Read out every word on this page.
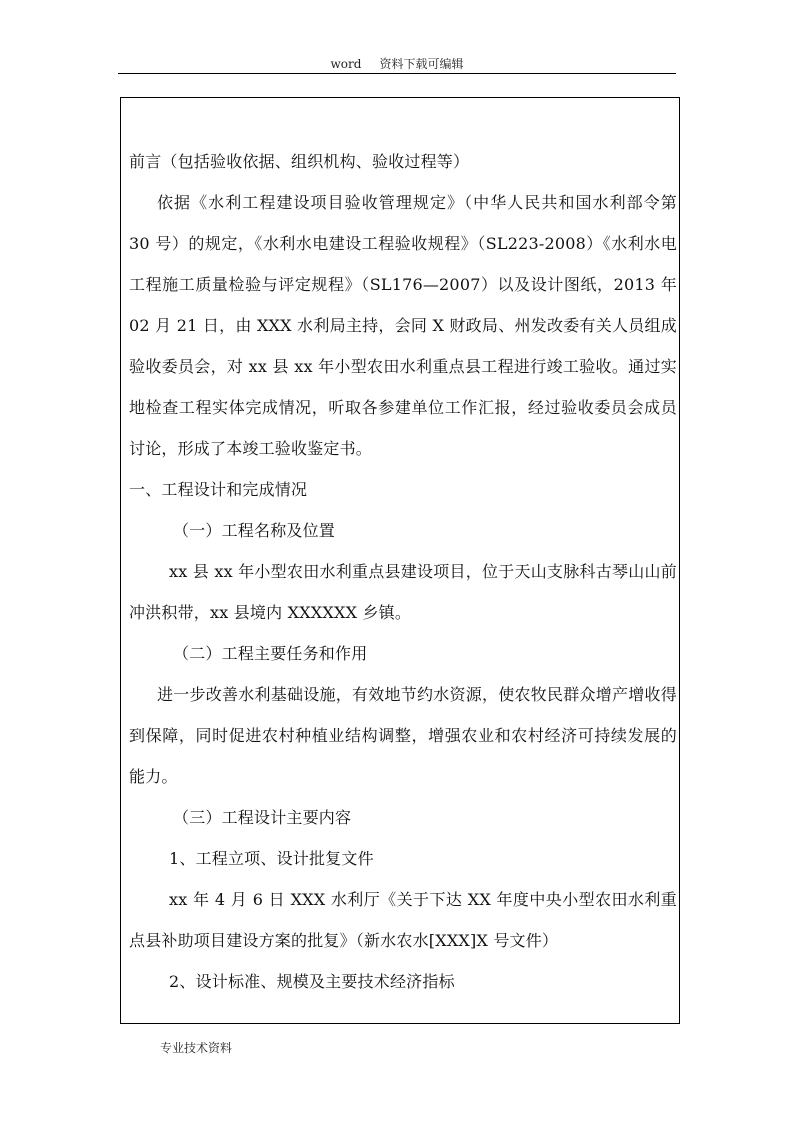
word 资料下载可编辑

前言（包括验收依据、组织机构、验收过程等）

依据《水利工程建设项目验收管理规定》（中华人民共和国水利部令第 30 号）的规定，《水利水电建设工程验收规程》（SL223-2008）《水利水电工程施工质量检验与评定规程》（SL176—2007）以及设计图纸，2013 年 02 月 21 日，由 XXX 水利局主持，会同 X 财政局、州发改委有关人员组成验收委员会，对 xx 县 xx 年小型农田水利重点县工程进行竣工验收。通过实地检查工程实体完成情况，听取各参建单位工作汇报，经过验收委员会成员讨论，形成了本竣工验收鉴定书。

一、工程设计和完成情况

（一）工程名称及位置

xx 县 xx 年小型农田水利重点县建设项目，位于天山支脉科古琴山山前冲洪积带，xx 县境内 XXXXXX 乡镇。

（二）工程主要任务和作用

进一步改善水利基础设施，有效地节约水资源，使农牧民群众增产增收得到保障，同时促进农村种植业结构调整，增强农业和农村经济可持续发展的能力。

（三）工程设计主要内容

1、工程立项、设计批复文件

xx 年 4 月 6 日 XXX 水利厅《关于下达 XX 年度中央小型农田水利重点县补助项目建设方案的批复》（新水农水[XXX]X 号文件）

2、设计标准、规模及主要技术经济指标

专业技术资料
